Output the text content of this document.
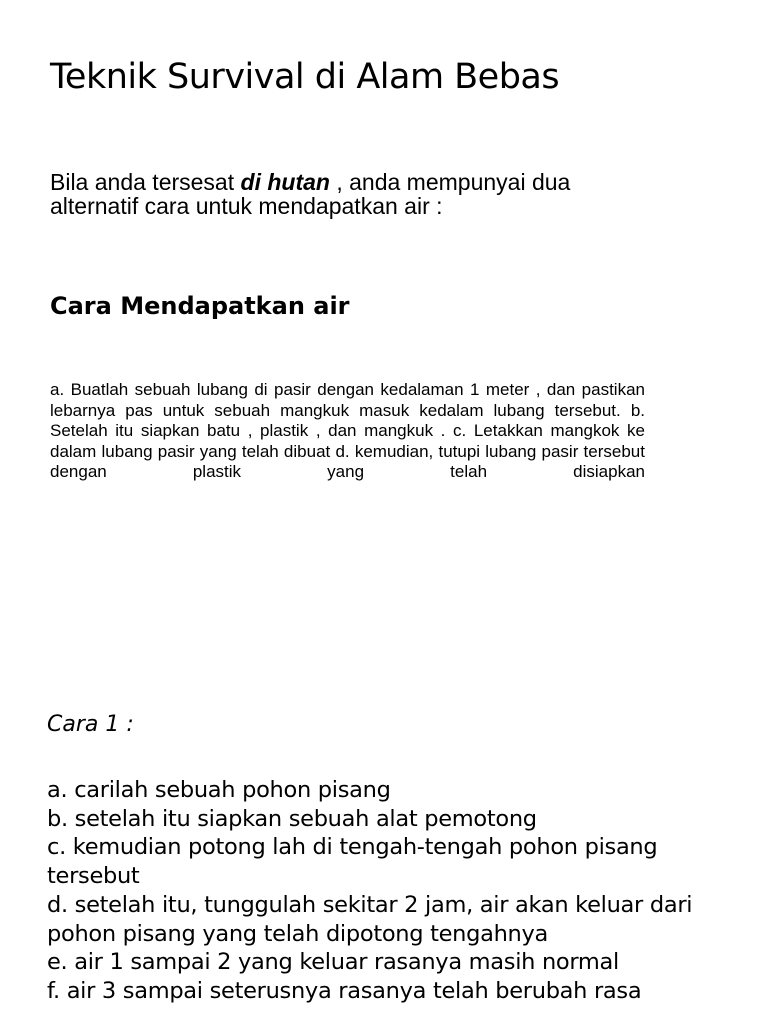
Teknik Survival di Alam Bebas

Bila anda tersesat di hutan , anda mempunyai dua alternatif cara untuk mendapatkan air :

Cara Mendapatkan air

a. Buatlah sebuah lubang di pasir dengan kedalaman 1 meter , dan pastikan lebarnya pas untuk sebuah mangkuk masuk kedalam lubang tersebut. b. Setelah itu siapkan batu , plastik , dan mangkuk . c. Letakkan mangkok ke dalam lubang pasir yang telah dibuat d. kemudian, tutupi lubang pasir tersebut dengan plastik yang telah disiapkan

Cara 1 :

a. carilah sebuah pohon pisang
b. setelah itu siapkan sebuah alat pemotong
c. kemudian potong lah di tengah-tengah pohon pisang tersebut
d. setelah itu, tunggulah sekitar 2 jam, air akan keluar dari pohon pisang yang telah dipotong tengahnya
e. air 1 sampai 2 yang keluar rasanya masih normal
f. air 3 sampai seterusnya rasanya telah berubah rasa
